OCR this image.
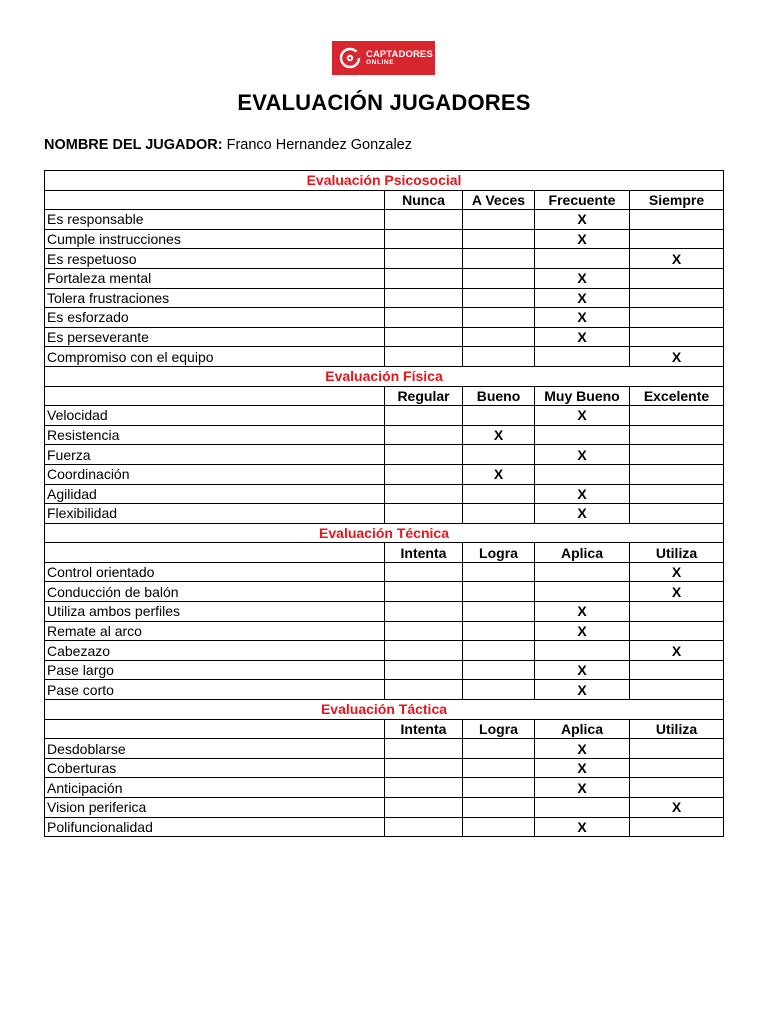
CAPTADORES
ONLINE
EVALUACIÓN JUGADORES
NOMBRE DEL JUGADOR: Franco Hernandez Gonzalez
Evaluación Psicosocial				
	Nunca	A Veces	Frecuente	Siempre
Es responsable			X	
Cumple instrucciones			X	
Es respetuoso				X
Fortaleza mental			X	
Tolera frustraciones			X	
Es esforzado			X	
Es perseverante			X	
Compromiso con el equipo				X
Evaluación Física				
	Regular	Bueno	Muy Bueno	Excelente
Velocidad			X	
Resistencia		X		
Fuerza			X	
Coordinación		X		
Agilidad			X	
Flexibilidad			X	
Evaluación Técnica				
	Intenta	Logra	Aplica	Utiliza
Control orientado				X
Conducción de balón				X
Utiliza ambos perfiles			X	
Remate al arco			X	
Cabezazo				X
Pase largo			X	
Pase corto			X	
Evaluación Táctica				
	Intenta	Logra	Aplica	Utiliza
Desdoblarse			X	
Coberturas			X	
Anticipación			X	
Vision periferica				X
Polifuncionalidad			X	
